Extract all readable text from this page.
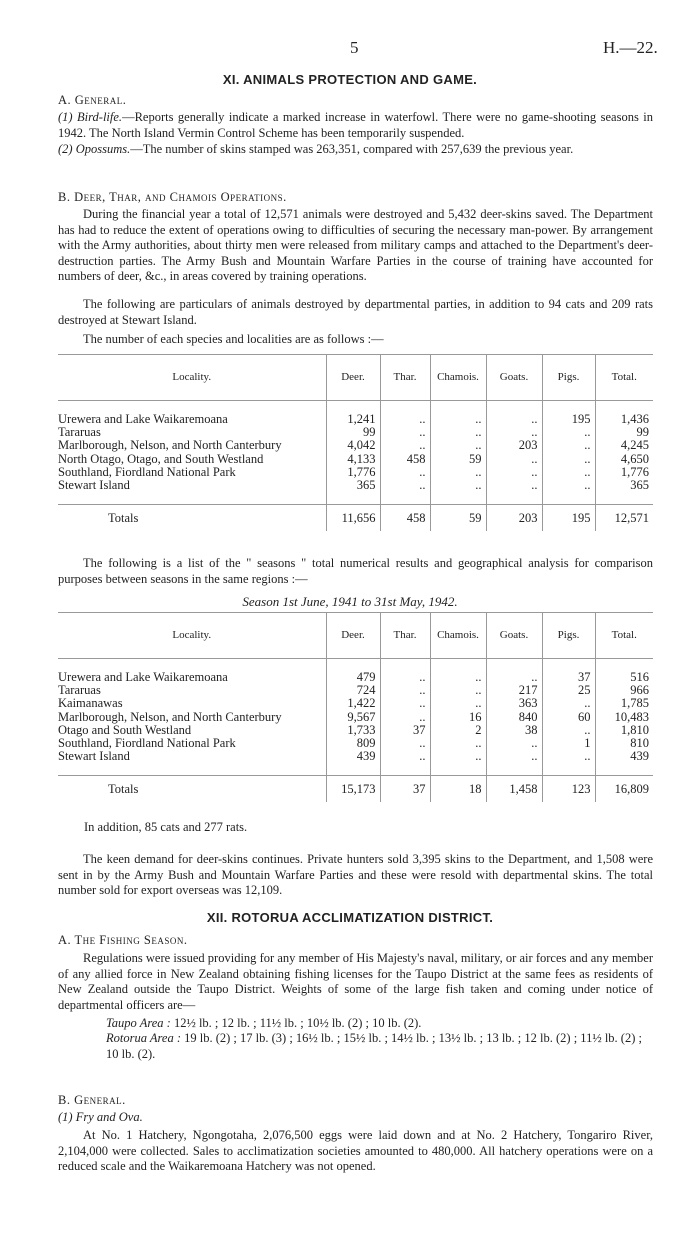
5	H.—22.
XI. ANIMALS PROTECTION AND GAME.
A. General.

(1) Bird-life.—Reports generally indicate a marked increase in waterfowl. There were no game-shooting seasons in 1942. The North Island Vermin Control Scheme has been temporarily suspended.

(2) Opossums.—The number of skins stamped was 263,351, compared with 257,639 the previous year.

B. Deer, Thar, and Chamois Operations.

During the financial year a total of 12,571 animals were destroyed and 5,432 deer-skins saved. The Department has had to reduce the extent of operations owing to difficulties of securing the necessary man-power. By arrangement with the Army authorities, about thirty men were released from military camps and attached to the Department's deer-destruction parties. The Army Bush and Mountain Warfare Parties in the course of training have accounted for numbers of deer, &c., in areas covered by training operations.

The following are particulars of animals destroyed by departmental parties, in addition to 94 cats and 209 rats destroyed at Stewart Island.

The number of each species and localities are as follows :—

Locality.	Deer.	Thar.	Chamois.	Goats.	Pigs.	Total.

Urewera and Lake Waikaremoana	1,241	..	..	..	195	1,436
Tararuas	99	..	..	..	..	99
Marlborough, Nelson, and North Canterbury	4,042	..	..	203	..	4,245
North Otago, Otago, and South Westland	4,133	458	59	..	..	4,650
Southland, Fiordland National Park	1,776	..	..	..	..	1,776
Stewart Island	365	..	..	..	..	365

Totals	11,656	458	59	203	195	12,571

The following is a list of the " seasons " total numerical results and geographical analysis for comparison purposes between seasons in the same regions :—

Season 1st June, 1941 to 31st May, 1942.
Locality.	Deer.	Thar.	Chamois.	Goats.	Pigs.	Total.

Urewera and Lake Waikaremoana	479	..	..	..	37	516
Tararuas	724	..	..	217	25	966
Kaimanawas	1,422	..	..	363	..	1,785
Marlborough, Nelson, and North Canterbury	9,567	..	16	840	60	10,483
Otago and South Westland	1,733	37	2	38	..	1,810
Southland, Fiordland National Park	809	..	..	..	1	810
Stewart Island	439	..	..	..	..	439

Totals	15,173	37	18	1,458	123	16,809
In addition, 85 cats and 277 rats.

The keen demand for deer-skins continues. Private hunters sold 3,395 skins to the Department, and 1,508 were sent in by the Army Bush and Mountain Warfare Parties and these were resold with departmental skins. The total number sold for export overseas was 12,109.

XII. ROTORUA ACCLIMATIZATION DISTRICT.
A. The Fishing Season.

Regulations were issued providing for any member of His Majesty's naval, military, or air forces and any member of any allied force in New Zealand obtaining fishing licenses for the Taupo District at the same fees as residents of New Zealand outside the Taupo District. Weights of some of the large fish taken and coming under notice of departmental officers are—

Taupo Area : 12½ lb. ; 12 lb. ; 11½ lb. ; 10½ lb. (2) ; 10 lb. (2).

Rotorua Area : 19 lb. (2) ; 17 lb. (3) ; 16½ lb. ; 15½ lb. ; 14½ lb. ; 13½ lb. ; 13 lb. ; 12 lb. (2) ; 11½ lb. (2) ; 10 lb. (2).

B. General.
(1) Fry and Ova.

At No. 1 Hatchery, Ngongotaha, 2,076,500 eggs were laid down and at No. 2 Hatchery, Tongariro River, 2,104,000 were collected. Sales to acclimatization societies amounted to 480,000. All hatchery operations were on a reduced scale and the Waikaremoana Hatchery was not opened.
